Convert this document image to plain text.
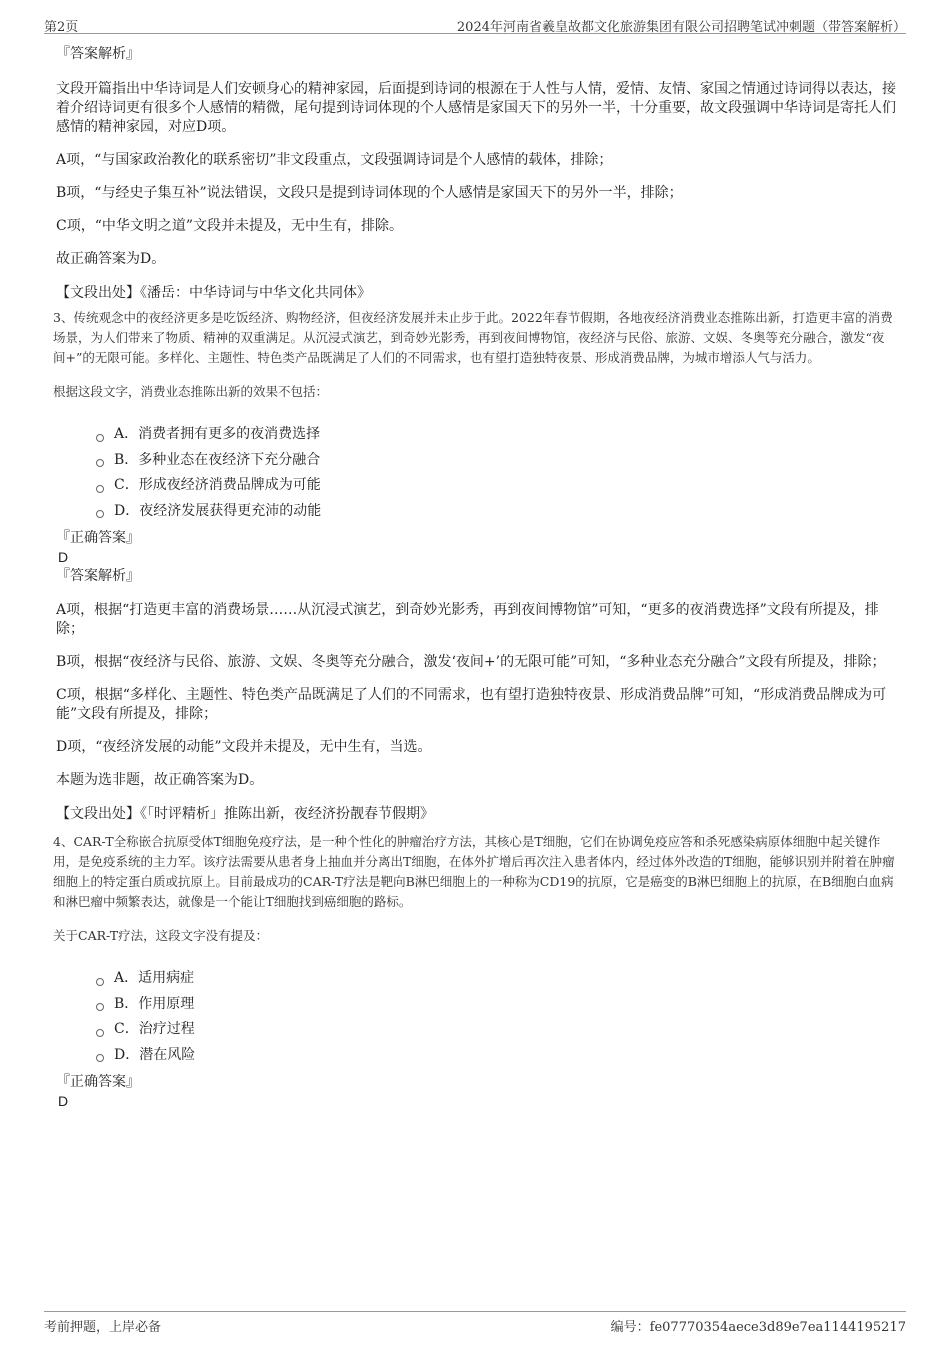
第2页	2024年河南省羲皇故都文化旅游集团有限公司招聘笔试冲刺题（带答案解析）

『答案解析』

文段开篇指出中华诗词是人们安顿身心的精神家园，后面提到诗词的根源在于人性与人情，爱情、友情、家国之情通过诗词得以表达，接着介绍诗词更有很多个人感情的精微，尾句提到诗词体现的个人感情是家国天下的另外一半，十分重要，故文段强调中华诗词是寄托人们感情的精神家园，对应D项。

A项，“与国家政治教化的联系密切”非文段重点，文段强调诗词是个人感情的载体，排除；

B项，“与经史子集互补”说法错误，文段只是提到诗词体现的个人感情是家国天下的另外一半，排除；

C项，“中华文明之道”文段并未提及，无中生有，排除。

故正确答案为D。

【文段出处】《潘岳：中华诗词与中华文化共同体》

3、传统观念中的夜经济更多是吃饭经济、购物经济，但夜经济发展并未止步于此。2022年春节假期，各地夜经济消费业态推陈出新，打造更丰富的消费场景，为人们带来了物质、精神的双重满足。从沉浸式演艺，到奇妙光影秀，再到夜间博物馆，夜经济与民俗、旅游、文娱、冬奥等充分融合，激发“夜间+”的无限可能。多样化、主题性、特色类产品既满足了人们的不同需求，也有望打造独特夜景、形成消费品牌，为城市增添人气与活力。

根据这段文字，消费业态推陈出新的效果不包括：

A．消费者拥有更多的夜消费选择
B．多种业态在夜经济下充分融合
C．形成夜经济消费品牌成为可能
D．夜经济发展获得更充沛的动能

『正确答案』

D

『答案解析』

A项，根据“打造更丰富的消费场景……从沉浸式演艺，到奇妙光影秀，再到夜间博物馆”可知，“更多的夜消费选择”文段有所提及，排除；

B项，根据“夜经济与民俗、旅游、文娱、冬奥等充分融合，激发‘夜间+’的无限可能”可知，“多种业态充分融合”文段有所提及，排除；

C项，根据“多样化、主题性、特色类产品既满足了人们的不同需求，也有望打造独特夜景、形成消费品牌”可知，“形成消费品牌成为可能”文段有所提及，排除；

D项，“夜经济发展的动能”文段并未提及，无中生有，当选。

本题为选非题，故正确答案为D。

【文段出处】《「时评精析」推陈出新，夜经济扮靓春节假期》

4、CAR-T全称嵌合抗原受体T细胞免疫疗法，是一种个性化的肿瘤治疗方法，其核心是T细胞，它们在协调免疫应答和杀死感染病原体细胞中起关键作用，是免疫系统的主力军。该疗法需要从患者身上抽血并分离出T细胞，在体外扩增后再次注入患者体内，经过体外改造的T细胞，能够识别并附着在肿瘤细胞上的特定蛋白质或抗原上。目前最成功的CAR-T疗法是靶向B淋巴细胞上的一种称为CD19的抗原，它是癌变的B淋巴细胞上的抗原，在B细胞白血病和淋巴瘤中频繁表达，就像是一个能让T细胞找到癌细胞的路标。

关于CAR-T疗法，这段文字没有提及：

A．适用病症
B．作用原理
C．治疗过程
D．潜在风险

『正确答案』

D

考前押题，上岸必备	编号：fe07770354aece3d89e7ea1144195217
